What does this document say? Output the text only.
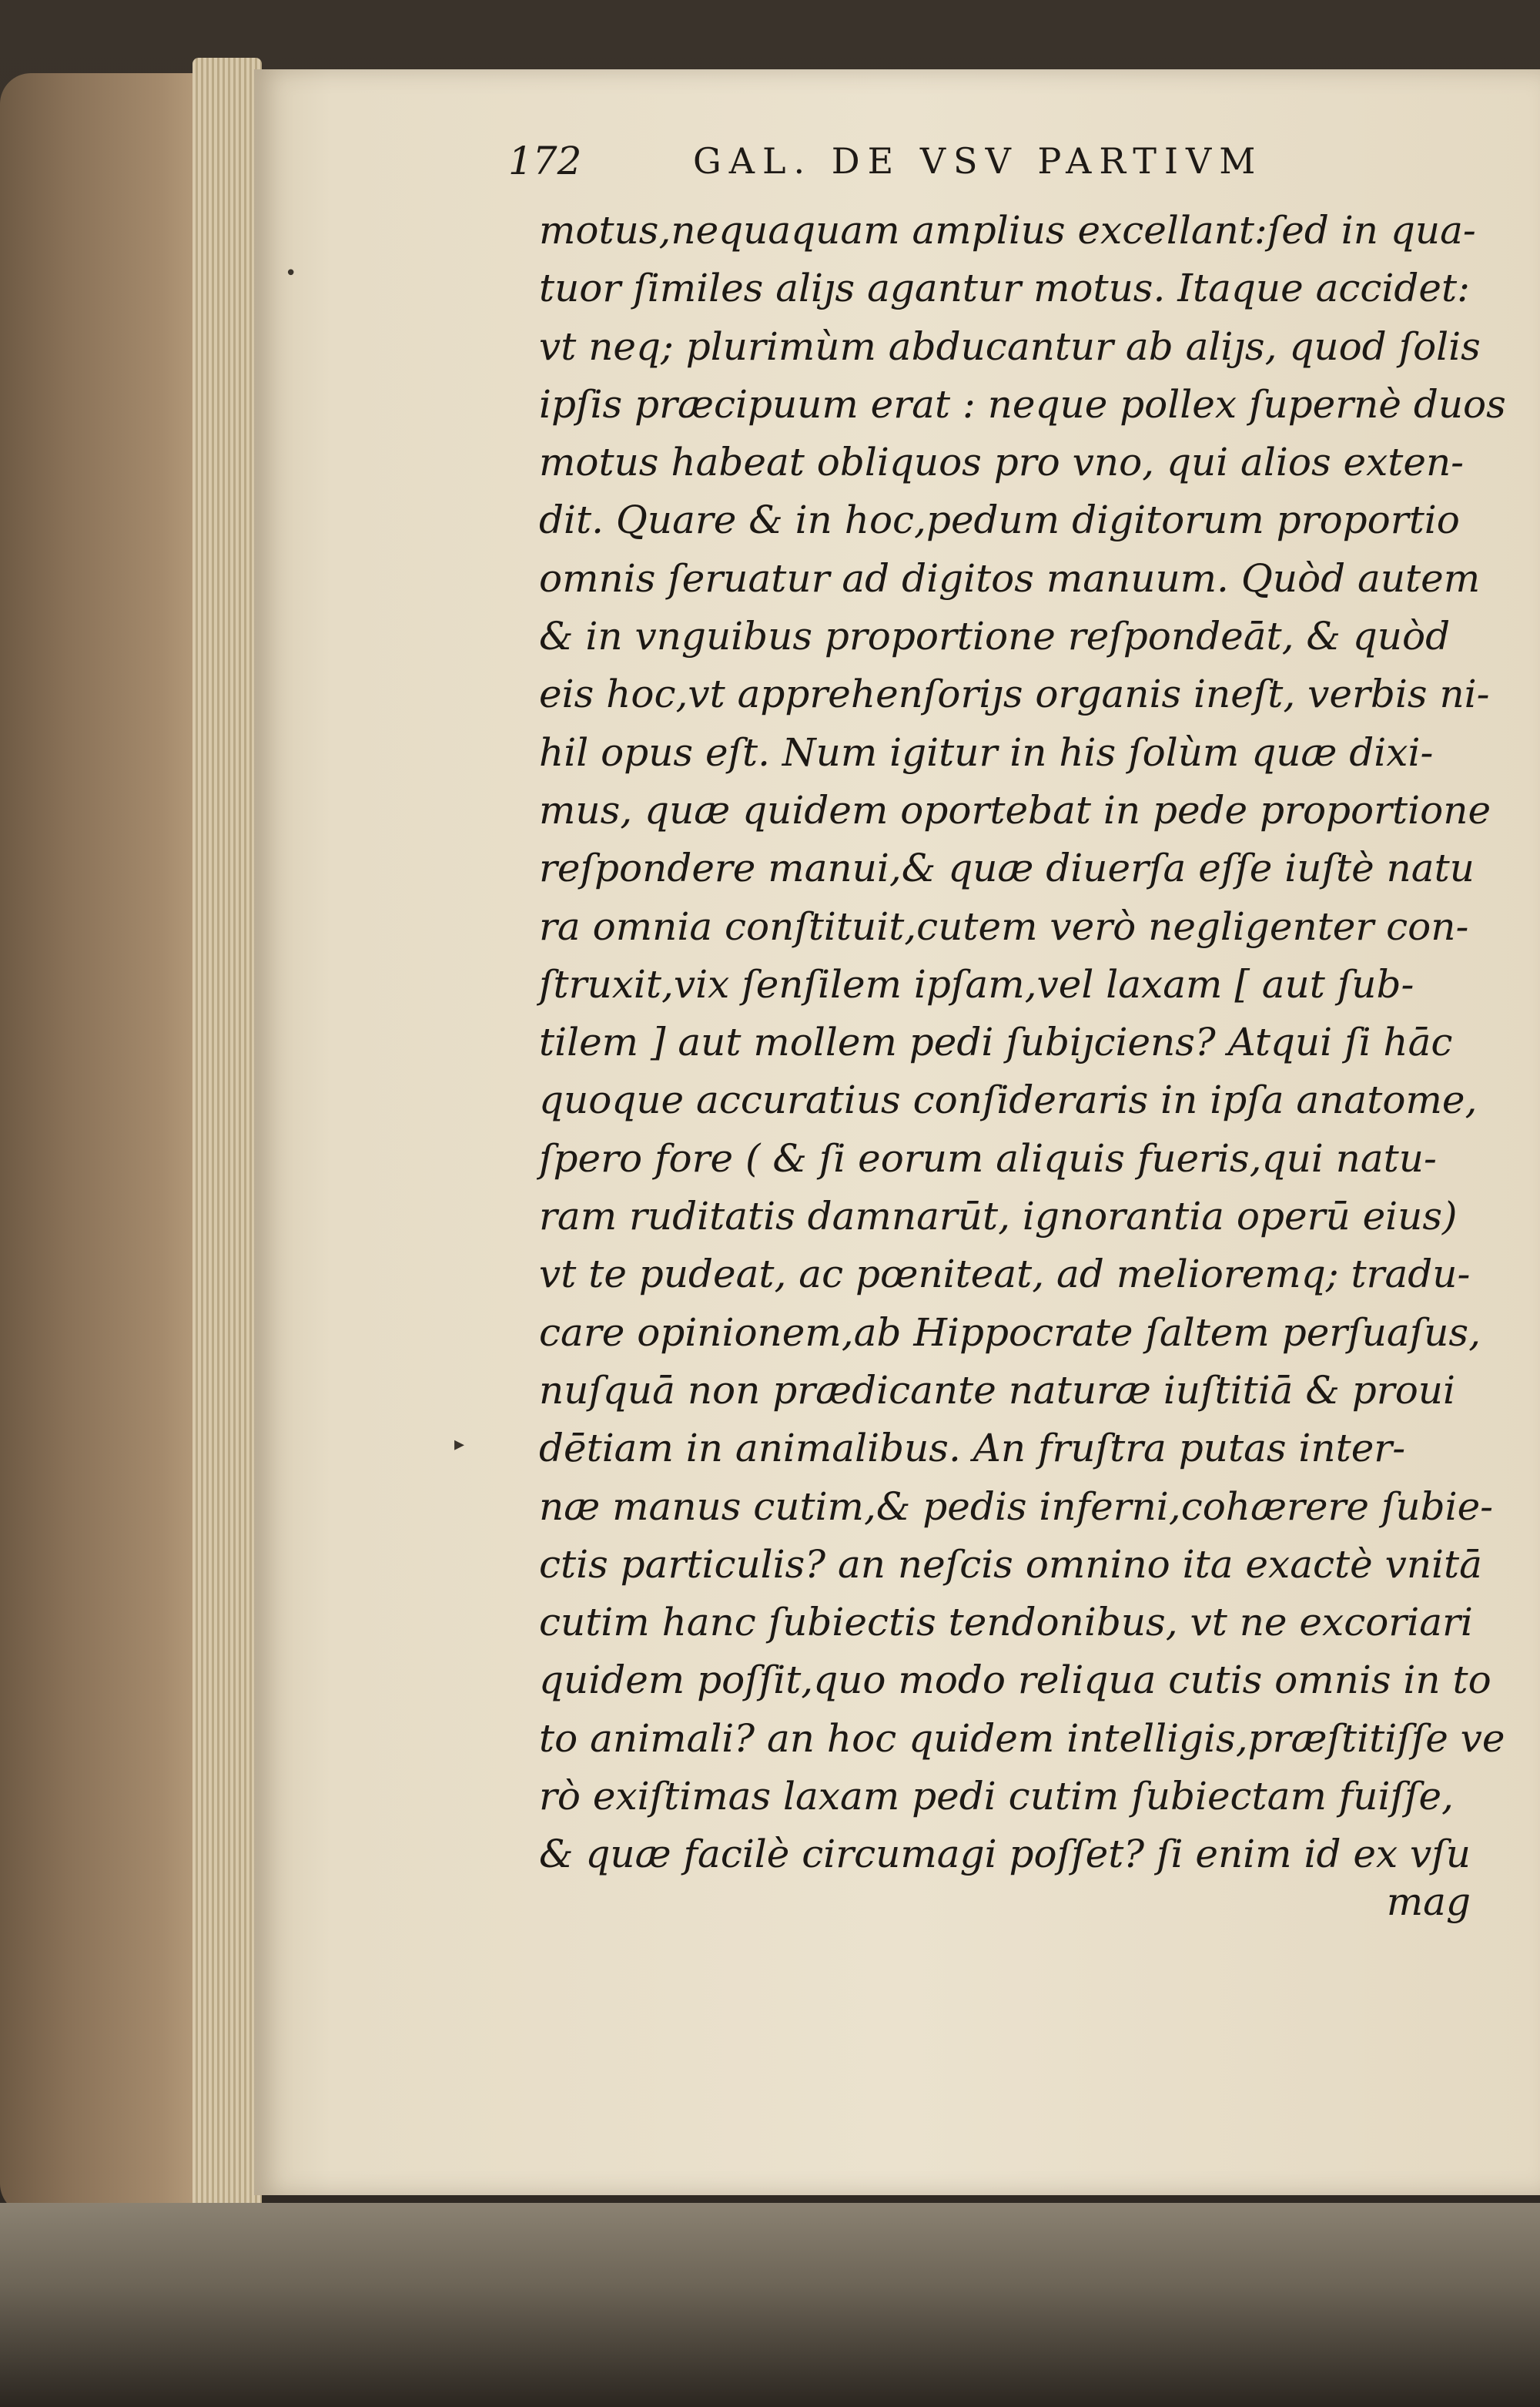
172	GAL. DE VSV PARTIVM
motus,nequaquam amplius excellant:ſed in qua-
tuor ſimiles aliȷs agantur motus. Itaque accidet:
vt neq; plurimùm abducantur ab aliȷs, quod ſolis
ipſis præcipuum erat : neque pollex ſupernè duos
motus habeat obliquos pro vno, qui alios exten-
dit. Quare & in hoc,pedum digitorum proportio
omnis ſeruatur ad digitos manuum. Quòd autem
& in vnguibus proportione reſpondeāt, & quòd
eis hoc,vt apprehenſoriȷs organis ineſt, verbis ni-
hil opus eſt. Num igitur in his ſolùm quæ dixi-
mus, quæ quidem oportebat in pede proportione
reſpondere manui,& quæ diuerſa eſſe iuſtè natu
ra omnia conſtituit,cutem verò negligenter con-
ſtruxit,vix ſenſilem ipſam,vel laxam [ aut ſub-
tilem ] aut mollem pedi ſubiȷciens? Atqui ſi hāc
quoque accuratius conſideraris in ipſa anatome,
ſpero fore ( & ſi eorum aliquis fueris,qui natu-
ram ruditatis damnarūt, ignorantia operū eius)
vt te pudeat, ac pœniteat, ad melioremq; tradu-
care opinionem,ab Hippocrate ſaltem perſuaſus,
nuſquā non prædicante naturæ iuſtitiā & proui
dētiam in animalibus. An fruſtra putas inter-
næ manus cutim,& pedis inferni,cohærere ſubie-
ctis particulis? an neſcis omnino ita exactè vnitā
cutim hanc ſubiectis tendonibus, vt ne excoriari
quidem poſſit,quo modo reliqua cutis omnis in to
to animali? an hoc quidem intelligis,præſtitiſſe ve
rò exiſtimas laxam pedi cutim ſubiectam fuiſſe,
& quæ facilè circumagi poſſet? ſi enim id ex vſu
mag
•
▸
